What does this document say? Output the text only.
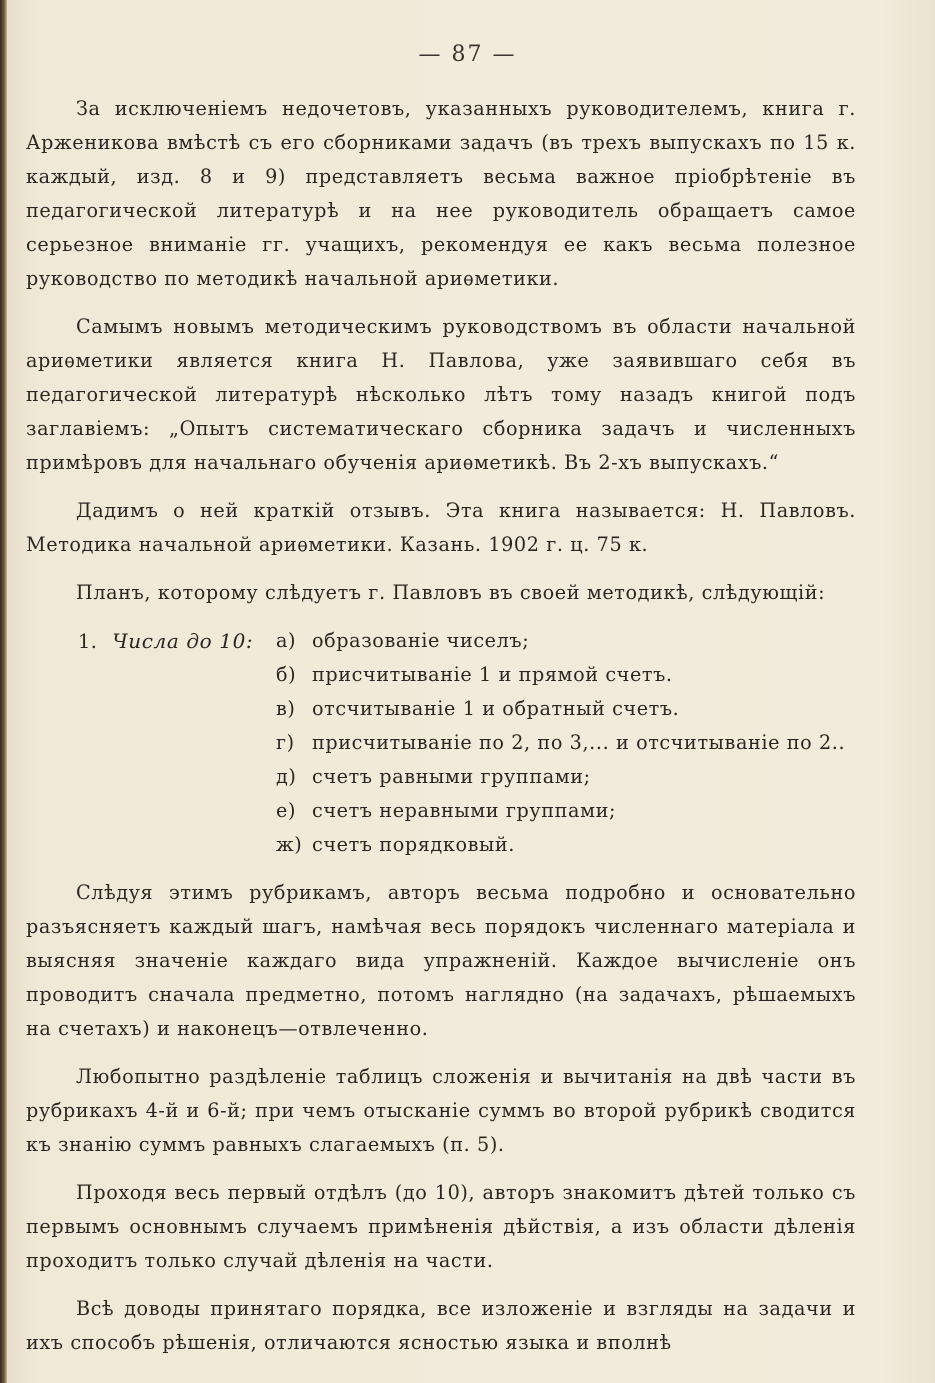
— 87 —

За исключеніемъ недочетовъ, указанныхъ руководителемъ, книга г. Арженикова вмѣстѣ съ его сборниками задачъ (въ трехъ выпускахъ по 15 к. каждый, изд. 8 и 9) представляетъ весьма важное пріобрѣтеніе въ педагогической литературѣ и на нее руководитель обращаетъ самое серьезное вниманіе гг. учащихъ, рекомендуя ее какъ весьма полезное руководство по методикѣ начальной ариѳметики.

Самымъ новымъ методическимъ руководствомъ въ области начальной ариѳметики является книга Н. Павлова, уже заявившаго себя въ педагогической литературѣ нѣсколько лѣтъ тому назадъ книгой подъ заглавіемъ: „Опытъ систематическаго сборника задачъ и численныхъ примѣровъ для начальнаго обученія ариѳметикѣ. Въ 2-хъ выпускахъ.“

Дадимъ о ней краткій отзывъ. Эта книга называется: Н. Павловъ. Методика начальной ариѳметики. Казань. 1902 г. ц. 75 к.

Планъ, которому слѣдуетъ г. Павловъ въ своей методикѣ, слѣдующій:

1. Числа до 10: а) образованіе чиселъ;
б) присчитываніе 1 и прямой счетъ.
в) отсчитываніе 1 и обратный счетъ.
г) присчитываніе по 2, по 3,... и отсчитываніе по 2..
д) счетъ равными группами;
е) счетъ неравными группами;
ж) счетъ порядковый.

Слѣдуя этимъ рубрикамъ, авторъ весьма подробно и основательно разъясняетъ каждый шагъ, намѣчая весь порядокъ численнаго матеріала и выясняя значеніе каждаго вида упражненій. Каждое вычисленіе онъ проводитъ сначала предметно, потомъ наглядно (на задачахъ, рѣшаемыхъ на счетахъ) и наконецъ—отвлеченно.

Любопытно раздѣленіе таблицъ сложенія и вычитанія на двѣ части въ рубрикахъ 4-й и 6-й; при чемъ отысканіе суммъ во второй рубрикѣ сводится къ знанію суммъ равныхъ слагаемыхъ (п. 5).

Проходя весь первый отдѣлъ (до 10), авторъ знакомитъ дѣтей только съ первымъ основнымъ случаемъ примѣненія дѣйствія, а изъ области дѣленія проходитъ только случай дѣленія на части.

Всѣ доводы принятаго порядка, все изложеніе и взгляды на задачи и ихъ способъ рѣшенія, отличаются ясностью языка и вполнѣ
